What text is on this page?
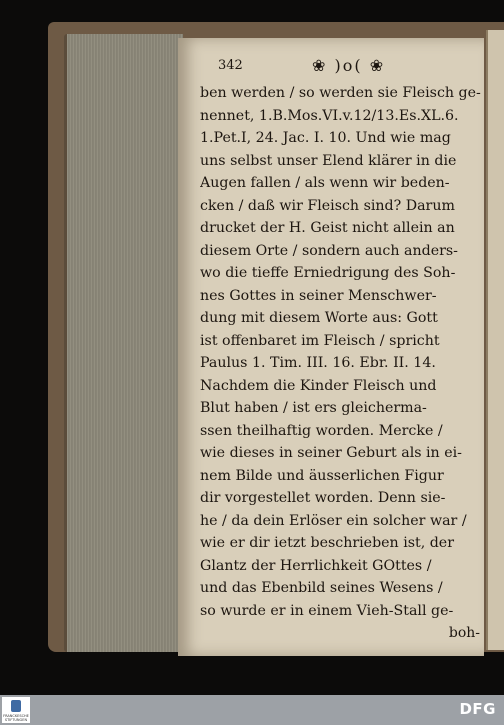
342	❀ )o( ❀
ben werden / so werden sie Fleisch ge-
nennet, 1.B.Mos.VI.v.12/13.Es.XL.6.
1.Pet.I, 24. Jac. I. 10. Und wie mag
uns selbst unser Elend klärer in die
Augen fallen / als wenn wir beden-
cken / daß wir Fleisch sind? Darum
drucket der H. Geist nicht allein an
diesem Orte / sondern auch anders-
wo die tieffe Erniedrigung des Soh-
nes Gottes in seiner Menschwer-
dung mit diesem Worte aus: Gott
ist offenbaret im Fleisch / spricht
Paulus 1. Tim. III. 16. Ebr. II. 14.
Nachdem die Kinder Fleisch und
Blut haben / ist ers gleicherma-
ssen theilhaftig worden. Mercke /
wie dieses in seiner Geburt als in ei-
nem Bilde und äusserlichen Figur
dir vorgestellet worden. Denn sie-
he / da dein Erlöser ein solcher war /
wie er dir ietzt beschrieben ist, der
Glantz der Herrlichkeit GOttes /
und das Ebenbild seines Wesens /
so wurde er in einem Vieh-Stall ge-
boh-
FRANCKESCHE STIFTUNGEN
DFG
